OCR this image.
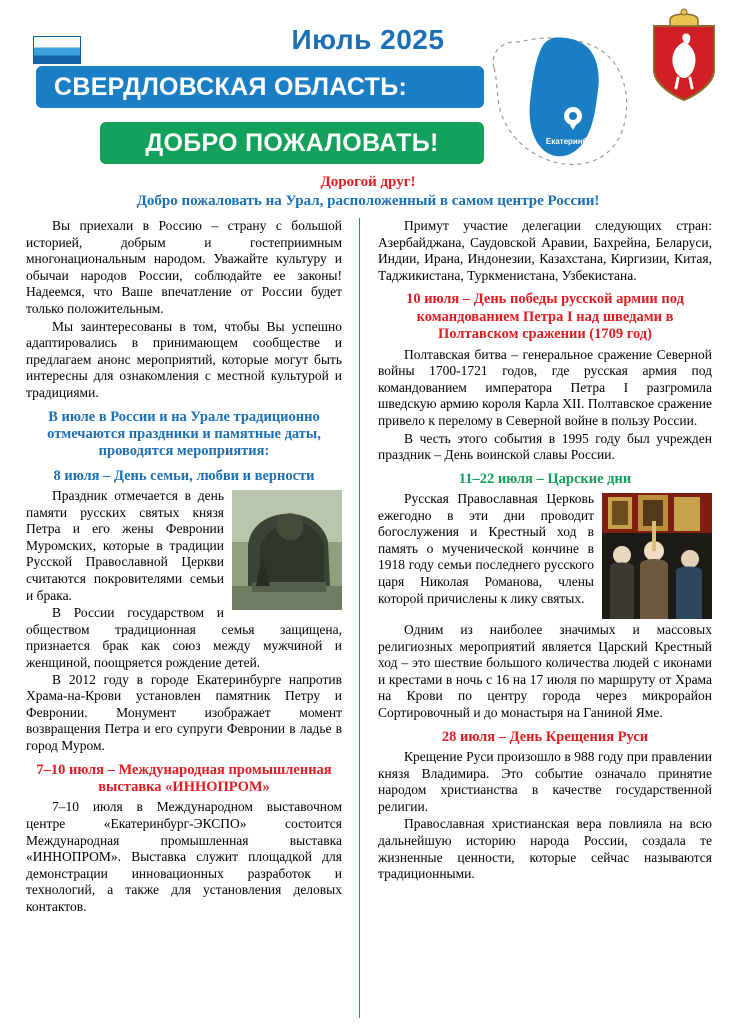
Июль 2025
СВЕРДЛОВСКАЯ ОБЛАСТЬ:
ДОБРО ПОЖАЛОВАТЬ!	Екатеринбург
Дорогой друг!
Добро пожаловать на Урал, расположенный в самом центре России!

Вы приехали в Россию – страну с большой историей, добрым и гостеприимным многонациональным народом. Уважайте культуру и обычаи народов России, соблюдайте ее законы! Надеемся, что Ваше впечатление от России будет только положительным.

Мы заинтересованы в том, чтобы Вы успешно адаптировались в принимающем сообществе и предлагаем анонс мероприятий, которые могут быть интересны для ознакомления с местной культурой и традициями.

В июле в России и на Урале традиционно отмечаются праздники и памятные даты, проводятся мероприятия:
8 июля – День семьи, любви и верности

Праздник отмечается в день памяти русских святых князя Петра и его жены Февронии Муромских, которые в традиции Русской Православной Церкви считаются покровителями семьи и брака.

В России государством и обществом традиционная семья защищена, признается брак как союз между мужчиной и женщиной, поощряется рождение детей.

В 2012 году в городе Екатеринбурге напротив Храма-на-Крови установлен памятник Петру и Февронии. Монумент изображает момент возвращения Петра и его супруги Февронии в ладье в город Муром.

7–10 июля – Международная промышленная выставка «ИННОПРОМ»

7–10 июля в Международном выставочном центре «Екатеринбург-ЭКСПО» состоится Международная промышленная выставка «ИННОПРОМ». Выставка служит площадкой для демонстрации инновационных разработок и технологий, а также для установления деловых контактов.

Примут участие делегации следующих стран: Азербайджана, Саудовской Аравии, Бахрейна, Беларуси, Индии, Ирана, Индонезии, Казахстана, Киргизии, Китая, Таджикистана, Туркменистана, Узбекистана.

10 июля – День победы русской армии под командованием Петра I над шведами в Полтавском сражении (1709 год)

Полтавская битва – генеральное сражение Северной войны 1700-1721 годов, где русская армия под командованием императора Петра I разгромила шведскую армию короля Карла XII. Полтавское сражение привело к перелому в Северной войне в пользу России.

В честь этого события в 1995 году был учрежден праздник – День воинской славы России.

11–22 июля – Царские дни

Русская Православная Церковь ежегодно в эти дни проводит богослужения и Крестный ход в память о мученической кончине в 1918 году семьи последнего русского царя Николая Романова, члены которой причислены к лику святых.

Одним из наиболее значимых и массовых религиозных мероприятий является Царский Крестный ход – это шествие большого количества людей с иконами и крестами в ночь с 16 на 17 июля по маршруту от Храма на Крови по центру города через микрорайон Сортировочный и до монастыря на Ганиной Яме.

28 июля – День Крещения Руси

Крещение Руси произошло в 988 году при правлении князя Владимира. Это событие означало принятие народом христианства в качестве государственной религии.

Православная христианская вера повлияла на всю дальнейшую историю народа России, создала те жизненные ценности, которые сейчас называются традиционными.
